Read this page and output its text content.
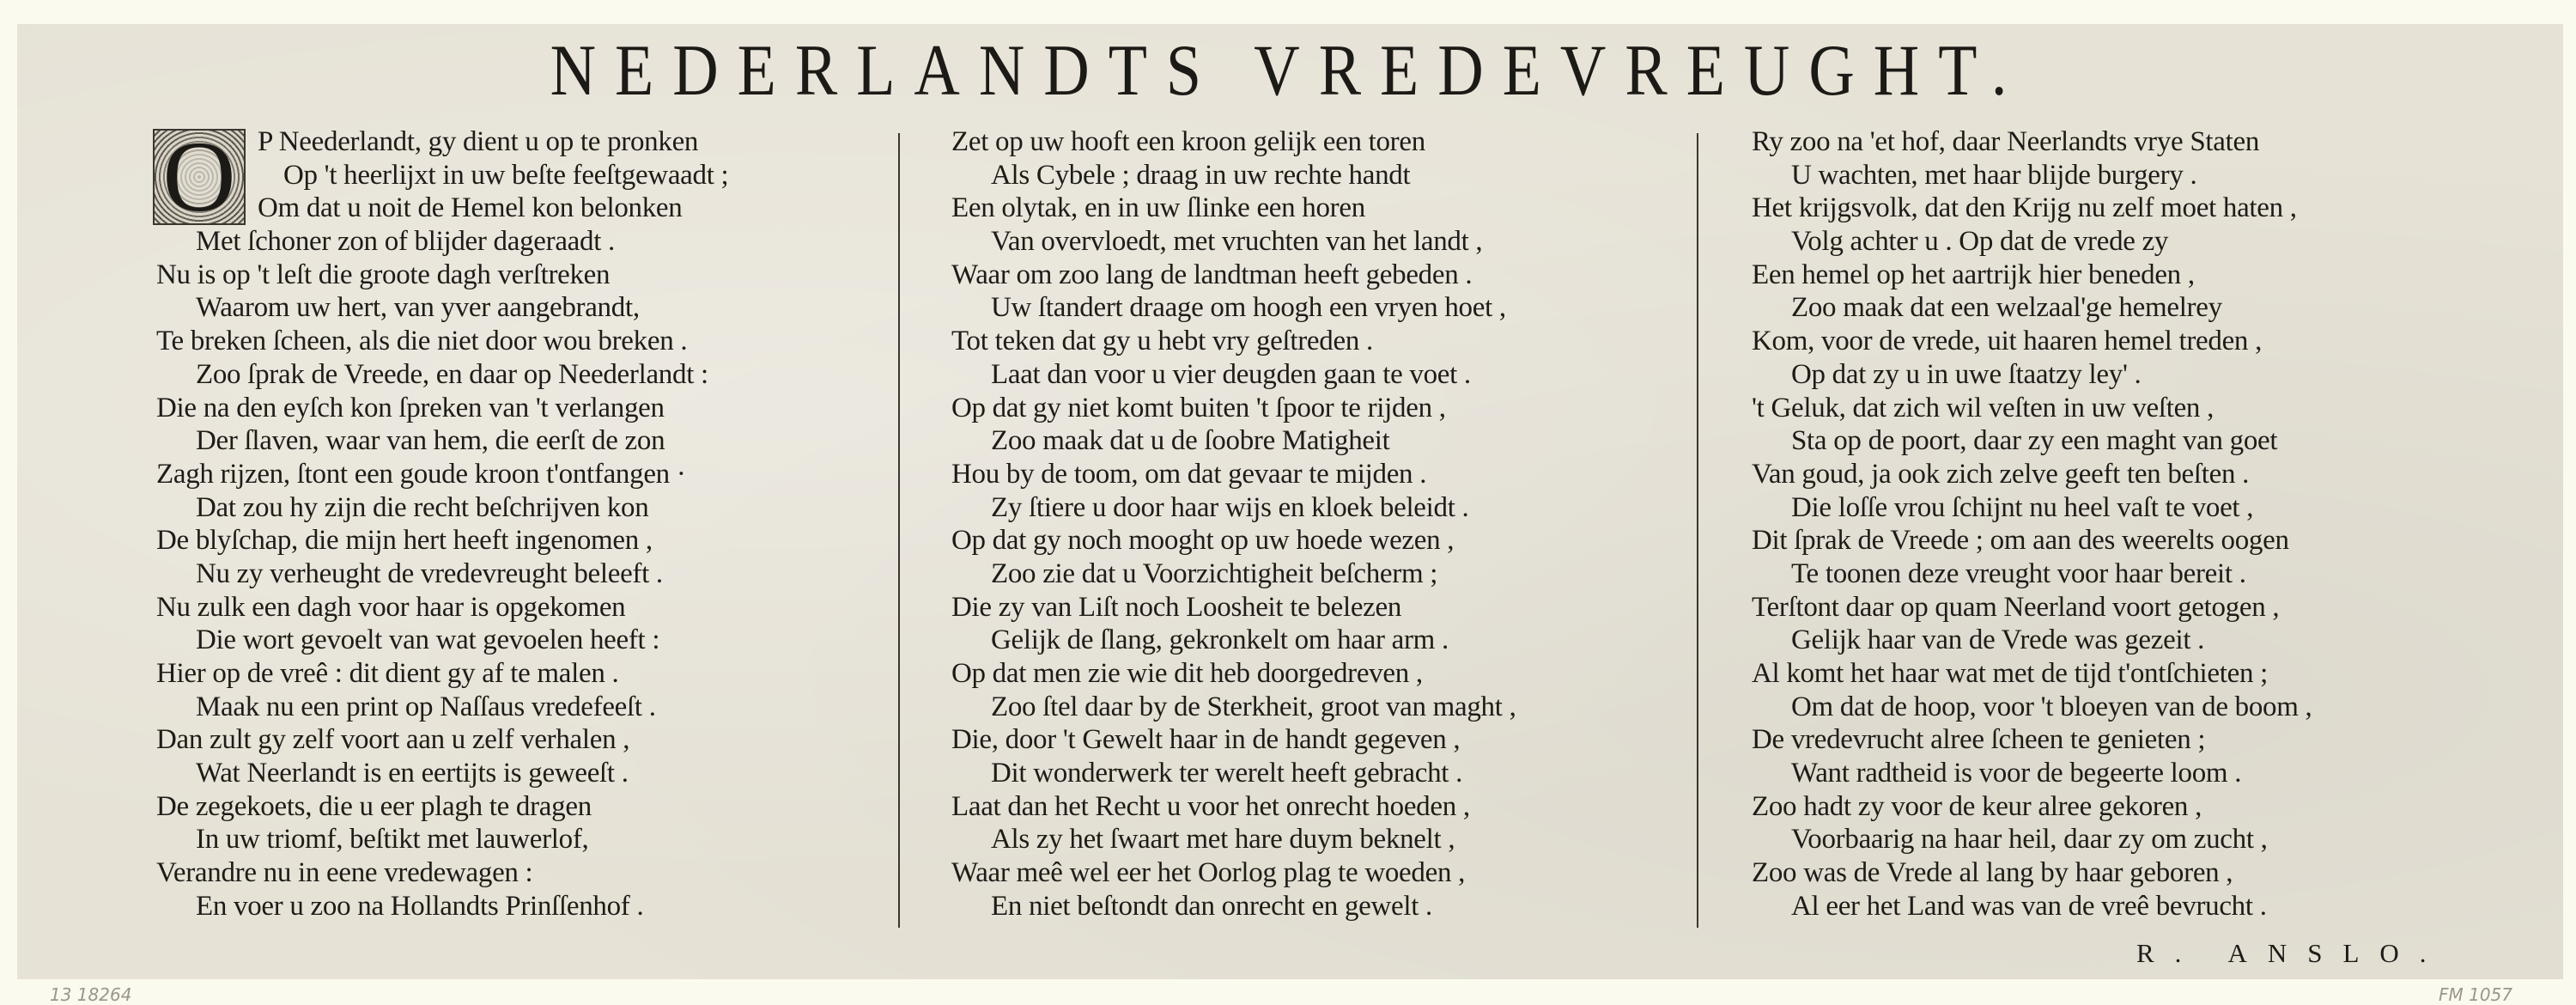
NEDERLANDTS VREDEVREUGHT.
O P Neederlandt, gy dient u op te pronken
Op 't heerlijxt in uw beſte feeſtgewaadt ;
Om dat u noit de Hemel kon belonken
Met ſchoner zon of blijder dageraadt .
Nu is op 't leſt die groote dagh verſtreken
Waarom uw hert, van yver aangebrandt,
Te breken ſcheen, als die niet door wou breken .
Zoo ſprak de Vreede, en daar op Neederlandt :
Die na den eyſch kon ſpreken van 't verlangen
Der ſlaven, waar van hem, die eerſt de zon
Zagh rijzen, ſtont een goude kroon t'ontfangen ·
Dat zou hy zijn die recht beſchrijven kon
De blyſchap, die mijn hert heeft ingenomen ,
Nu zy verheught de vredevreught beleeft .
Nu zulk een dagh voor haar is opgekomen
Die wort gevoelt van wat gevoelen heeft :
Hier op de vreê : dit dient gy af te malen .
Maak nu een print op Naſſaus vredefeeſt .
Dan zult gy zelf voort aan u zelf verhalen ,
Wat Neerlandt is en eertijts is geweeſt .
De zegekoets, die u eer plagh te dragen
In uw triomf, beſtikt met lauwerlof,
Verandre nu in eene vredewagen :
En voer u zoo na Hollandts Prinſſenhof .
Zet op uw hooft een kroon gelijk een toren
Als Cybele ; draag in uw rechte handt
Een olytak, en in uw ſlinke een horen
Van overvloedt, met vruchten van het landt ,
Waar om zoo lang de landtman heeft gebeden .
Uw ſtandert draage om hoogh een vryen hoet ,
Tot teken dat gy u hebt vry geſtreden .
Laat dan voor u vier deugden gaan te voet .
Op dat gy niet komt buiten 't ſpoor te rijden ,
Zoo maak dat u de ſoobre Matigheit
Hou by de toom, om dat gevaar te mijden .
Zy ſtiere u door haar wijs en kloek beleidt .
Op dat gy noch mooght op uw hoede wezen ,
Zoo zie dat u Voorzichtigheit beſcherm ;
Die zy van Liſt noch Loosheit te belezen
Gelijk de ſlang, gekronkelt om haar arm .
Op dat men zie wie dit heb doorgedreven ,
Zoo ſtel daar by de Sterkheit, groot van maght ,
Die, door 't Gewelt haar in de handt gegeven ,
Dit wonderwerk ter werelt heeft gebracht .
Laat dan het Recht u voor het onrecht hoeden ,
Als zy het ſwaart met hare duym beknelt ,
Waar meê wel eer het Oorlog plag te woeden ,
En niet beſtondt dan onrecht en gewelt .
Ry zoo na 'et hof, daar Neerlandts vrye Staten
U wachten, met haar blijde burgery .
Het krijgsvolk, dat den Krijg nu zelf moet haten ,
Volg achter u . Op dat de vrede zy
Een hemel op het aartrijk hier beneden ,
Zoo maak dat een welzaal'ge hemelrey
Kom, voor de vrede, uit haaren hemel treden ,
Op dat zy u in uwe ſtaatzy ley' .
't Geluk, dat zich wil veſten in uw veſten ,
Sta op de poort, daar zy een maght van goet
Van goud, ja ook zich zelve geeft ten beſten .
Die loſſe vrou ſchijnt nu heel vaſt te voet ,
Dit ſprak de Vreede ; om aan des weerelts oogen
Te toonen deze vreught voor haar bereit .
Terſtont daar op quam Neerland voort getogen ,
Gelijk haar van de Vrede was gezeit .
Al komt het haar wat met de tijd t'ontſchieten ;
Om dat de hoop, voor 't bloeyen van de boom ,
De vredevrucht alree ſcheen te genieten ;
Want radtheid is voor de begeerte loom .
Zoo hadt zy voor de keur alree gekoren ,
Voorbaarig na haar heil, daar zy om zucht ,
Zoo was de Vrede al lang by haar geboren ,
Al eer het Land was van de vreê bevrucht .
R. ANSLO.
13 18264	FM 1057
